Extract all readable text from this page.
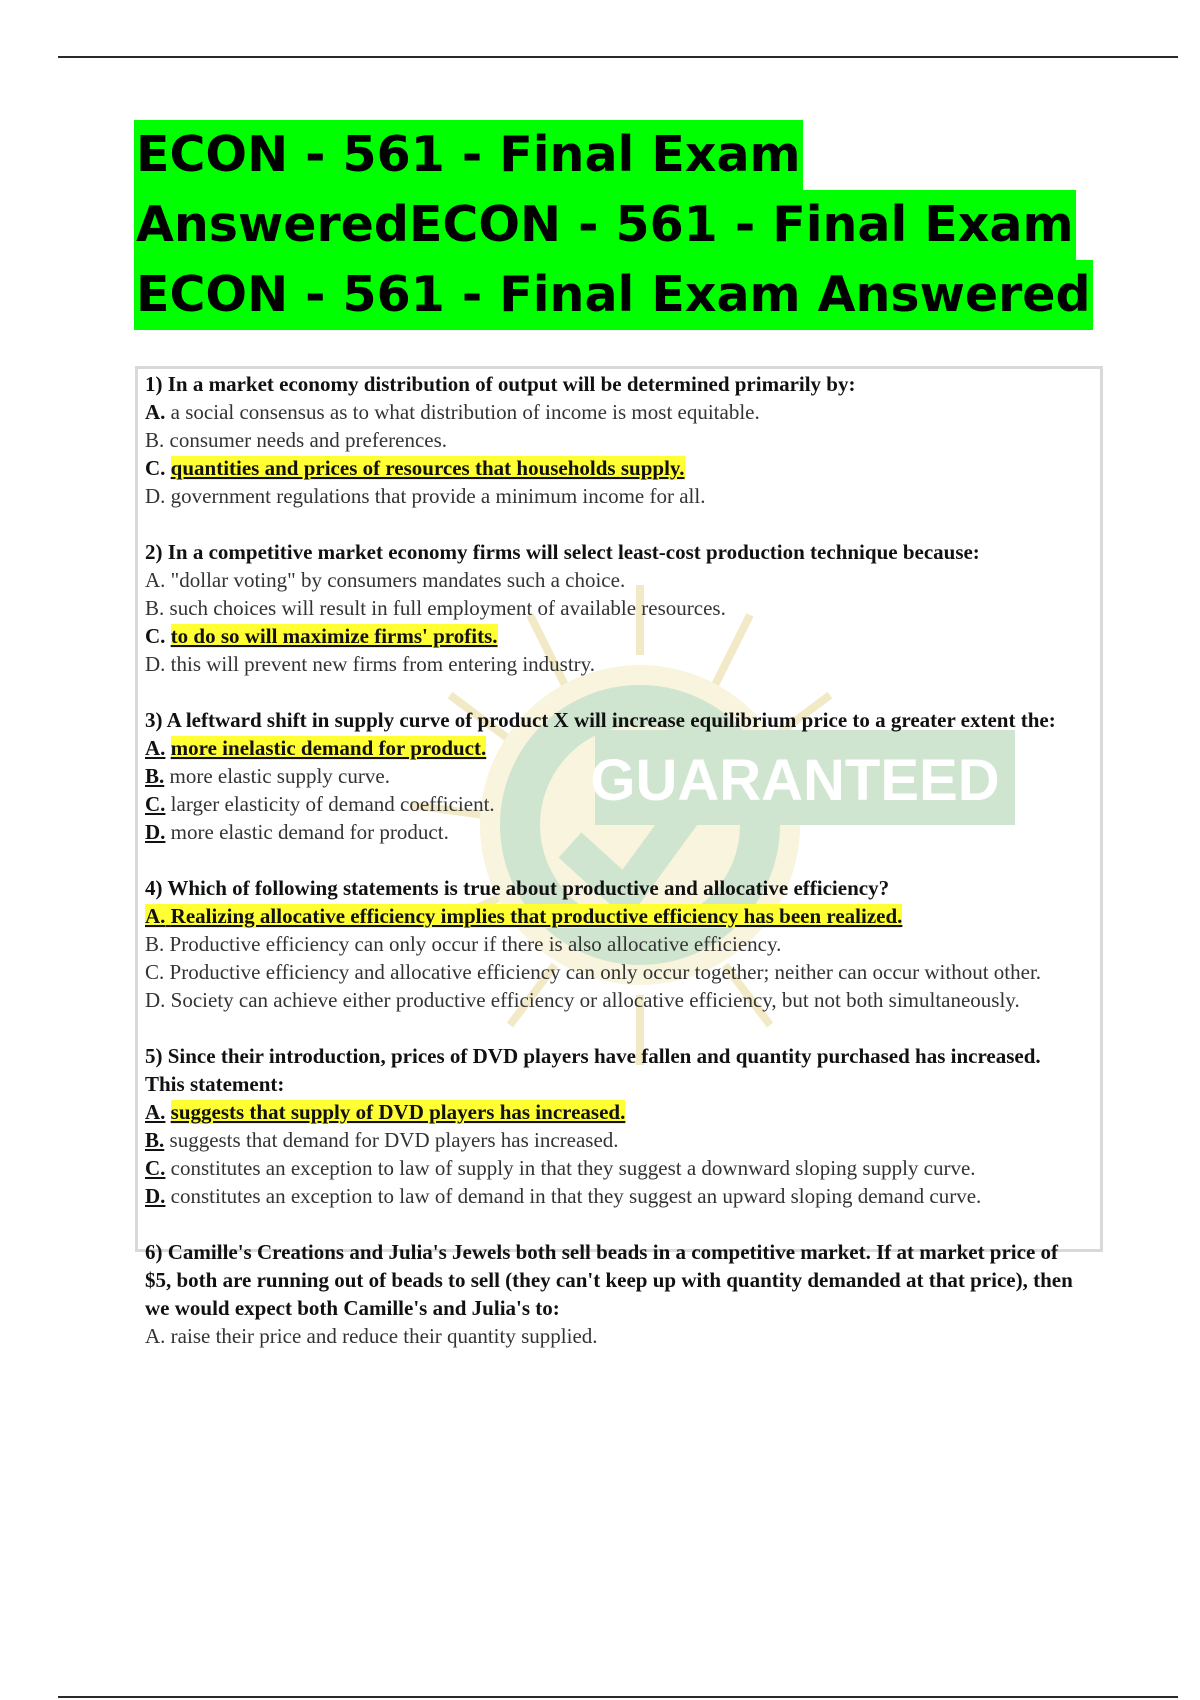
ECON - 561 - Final Exam
AnsweredECON - 561 - Final Exam
ECON - 561 - Final Exam Answered
GUARANTEED
1) In a market economy distribution of output will be determined primarily by:
A. a social consensus as to what distribution of income is most equitable.
B. consumer needs and preferences.
C. quantities and prices of resources that households supply.
D. government regulations that provide a minimum income for all.
2) In a competitive market economy firms will select least-cost production technique because:
A. "dollar voting" by consumers mandates such a choice.
B. such choices will result in full employment of available resources.
C. to do so will maximize firms' profits.
D. this will prevent new firms from entering industry.
3) A leftward shift in supply curve of product X will increase equilibrium price to a greater extent the:
A. more inelastic demand for product.
B. more elastic supply curve.
C. larger elasticity of demand coefficient.
D. more elastic demand for product.
4) Which of following statements is true about productive and allocative efficiency?
A. Realizing allocative efficiency implies that productive efficiency has been realized.
B. Productive efficiency can only occur if there is also allocative efficiency.
C. Productive efficiency and allocative efficiency can only occur together; neither can occur without other.
D. Society can achieve either productive efficiency or allocative efficiency, but not both simultaneously.
5) Since their introduction, prices of DVD players have fallen and quantity purchased has increased. This statement:
A. suggests that supply of DVD players has increased.
B. suggests that demand for DVD players has increased.
C. constitutes an exception to law of supply in that they suggest a downward sloping supply curve.
D. constitutes an exception to law of demand in that they suggest an upward sloping demand curve.
6) Camille's Creations and Julia's Jewels both sell beads in a competitive market. If at market price of $5, both are running out of beads to sell (they can't keep up with quantity demanded at that price), then we would expect both Camille's and Julia's to:
A. raise their price and reduce their quantity supplied.
